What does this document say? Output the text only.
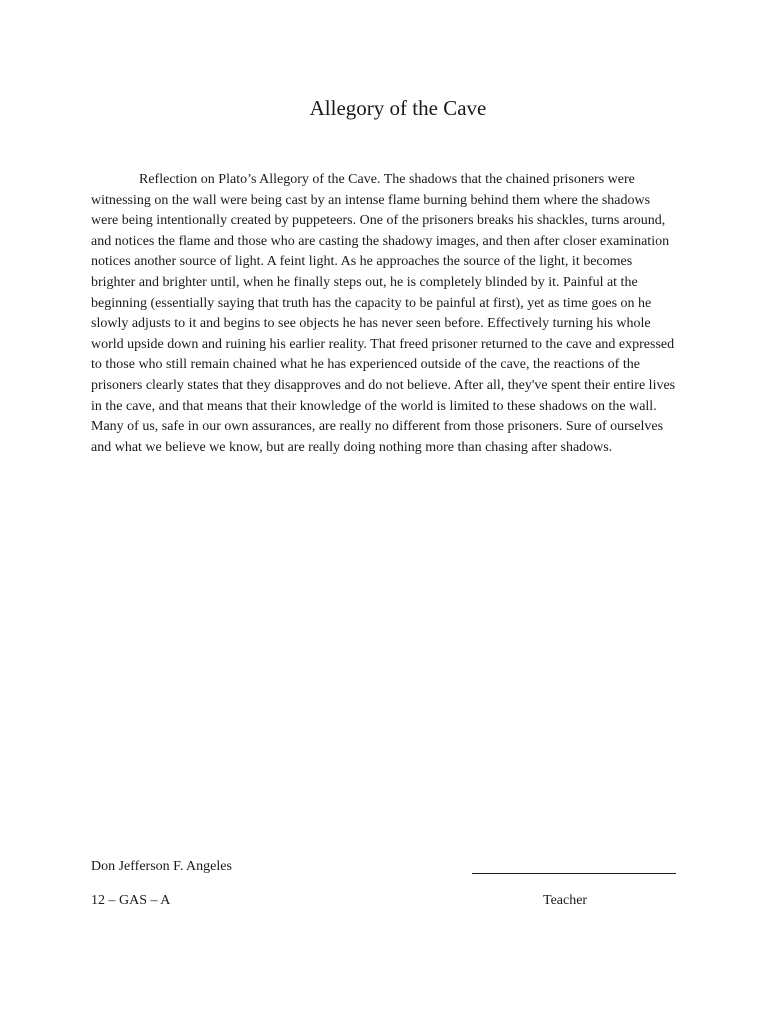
Allegory of the Cave

Reflection on Plato’s Allegory of the Cave. The shadows that the chained prisoners were witnessing on the wall were being cast by an intense flame burning behind them where the shadows were being intentionally created by puppeteers. One of the prisoners breaks his shackles, turns around, and notices the flame and those who are casting the shadowy images, and then after closer examination notices another source of light. A feint light. As he approaches the source of the light, it becomes brighter and brighter until, when he finally steps out, he is completely blinded by it. Painful at the beginning (essentially saying that truth has the capacity to be painful at first), yet as time goes on he slowly adjusts to it and begins to see objects he has never seen before. Effectively turning his whole world upside down and ruining his earlier reality. That freed prisoner returned to the cave and expressed to those who still remain chained what he has experienced outside of the cave, the reactions of the prisoners clearly states that they disapproves and do not believe. After all, they've spent their entire lives in the cave, and that means that their knowledge of the world is limited to these shadows on the wall. Many of us, safe in our own assurances, are really no different from those prisoners. Sure of ourselves and what we believe we know, but are really doing nothing more than chasing after shadows.

Don Jefferson F. Angeles

12 – GAS – A	Teacher
